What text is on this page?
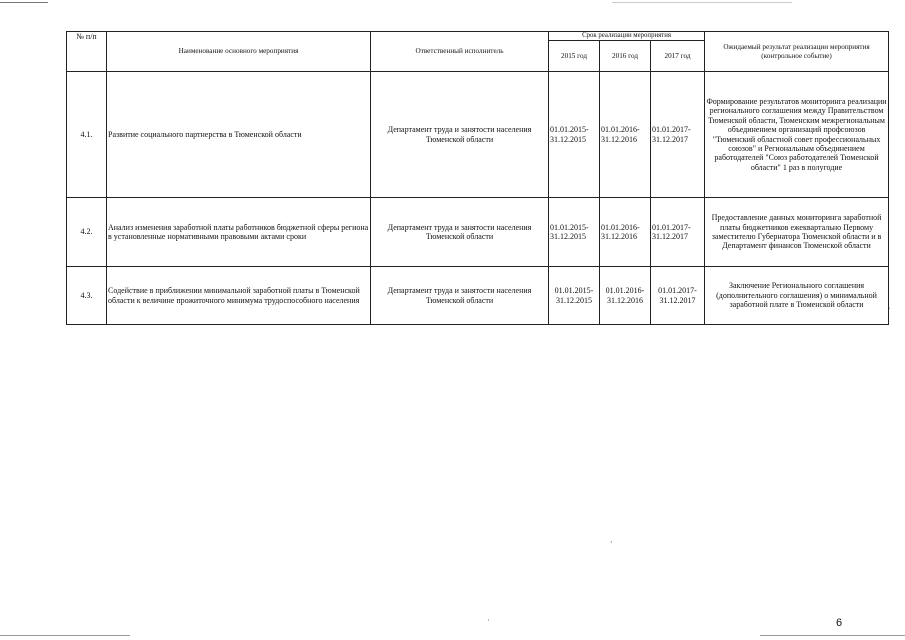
№ п/п	Наименование основного мероприятия	Ответственный исполнитель	Срок реализации мероприятия			Ожидаемый результат реализации мероприятия (контрольное событие)
			2015 год	2016 год	2017 год	
4.1.	Развитие социального партнерства в Тюменской области	Департамент труда и занятости населения Тюменской области	01.01.2015-31.12.2015	01.01.2016-31.12.2016	01.01.2017-31.12.2017	Формирование результатов мониторинга реализации регионального соглашения между Правительством Тюменской области, Тюменским межрегиональным объединением организаций профсоюзов "Тюменский областной совет профессиональных союзов" и Региональным объединением работодателей "Союз работодателей Тюменской области" 1 раз в полугодие
4.2.	Анализ изменения заработной платы работников бюджетной сферы региона в установленные нормативными правовыми актами сроки	Департамент труда и занятости населения Тюменской области	01.01.2015-31.12.2015	01.01.2016-31.12.2016	01.01.2017-31.12.2017	Предоставление данных мониторинга заработной платы бюджетников ежеквартально Первому заместителю Губернатора Тюменской области и в Департамент финансов Тюменской области
4.3.	Содействие в приближении минимальной заработной платы в Тюменской области к величине прожиточного минимума трудоспособного населения	Департамент труда и занятости населения Тюменской области	01.01.2015-31.12.2015	01.01.2016-31.12.2016	01.01.2017-31.12.2017	Заключение Регионального соглашения (дополнительного соглашения) о минимальной заработной плате в Тюменской области
·
·
ˌ
6
